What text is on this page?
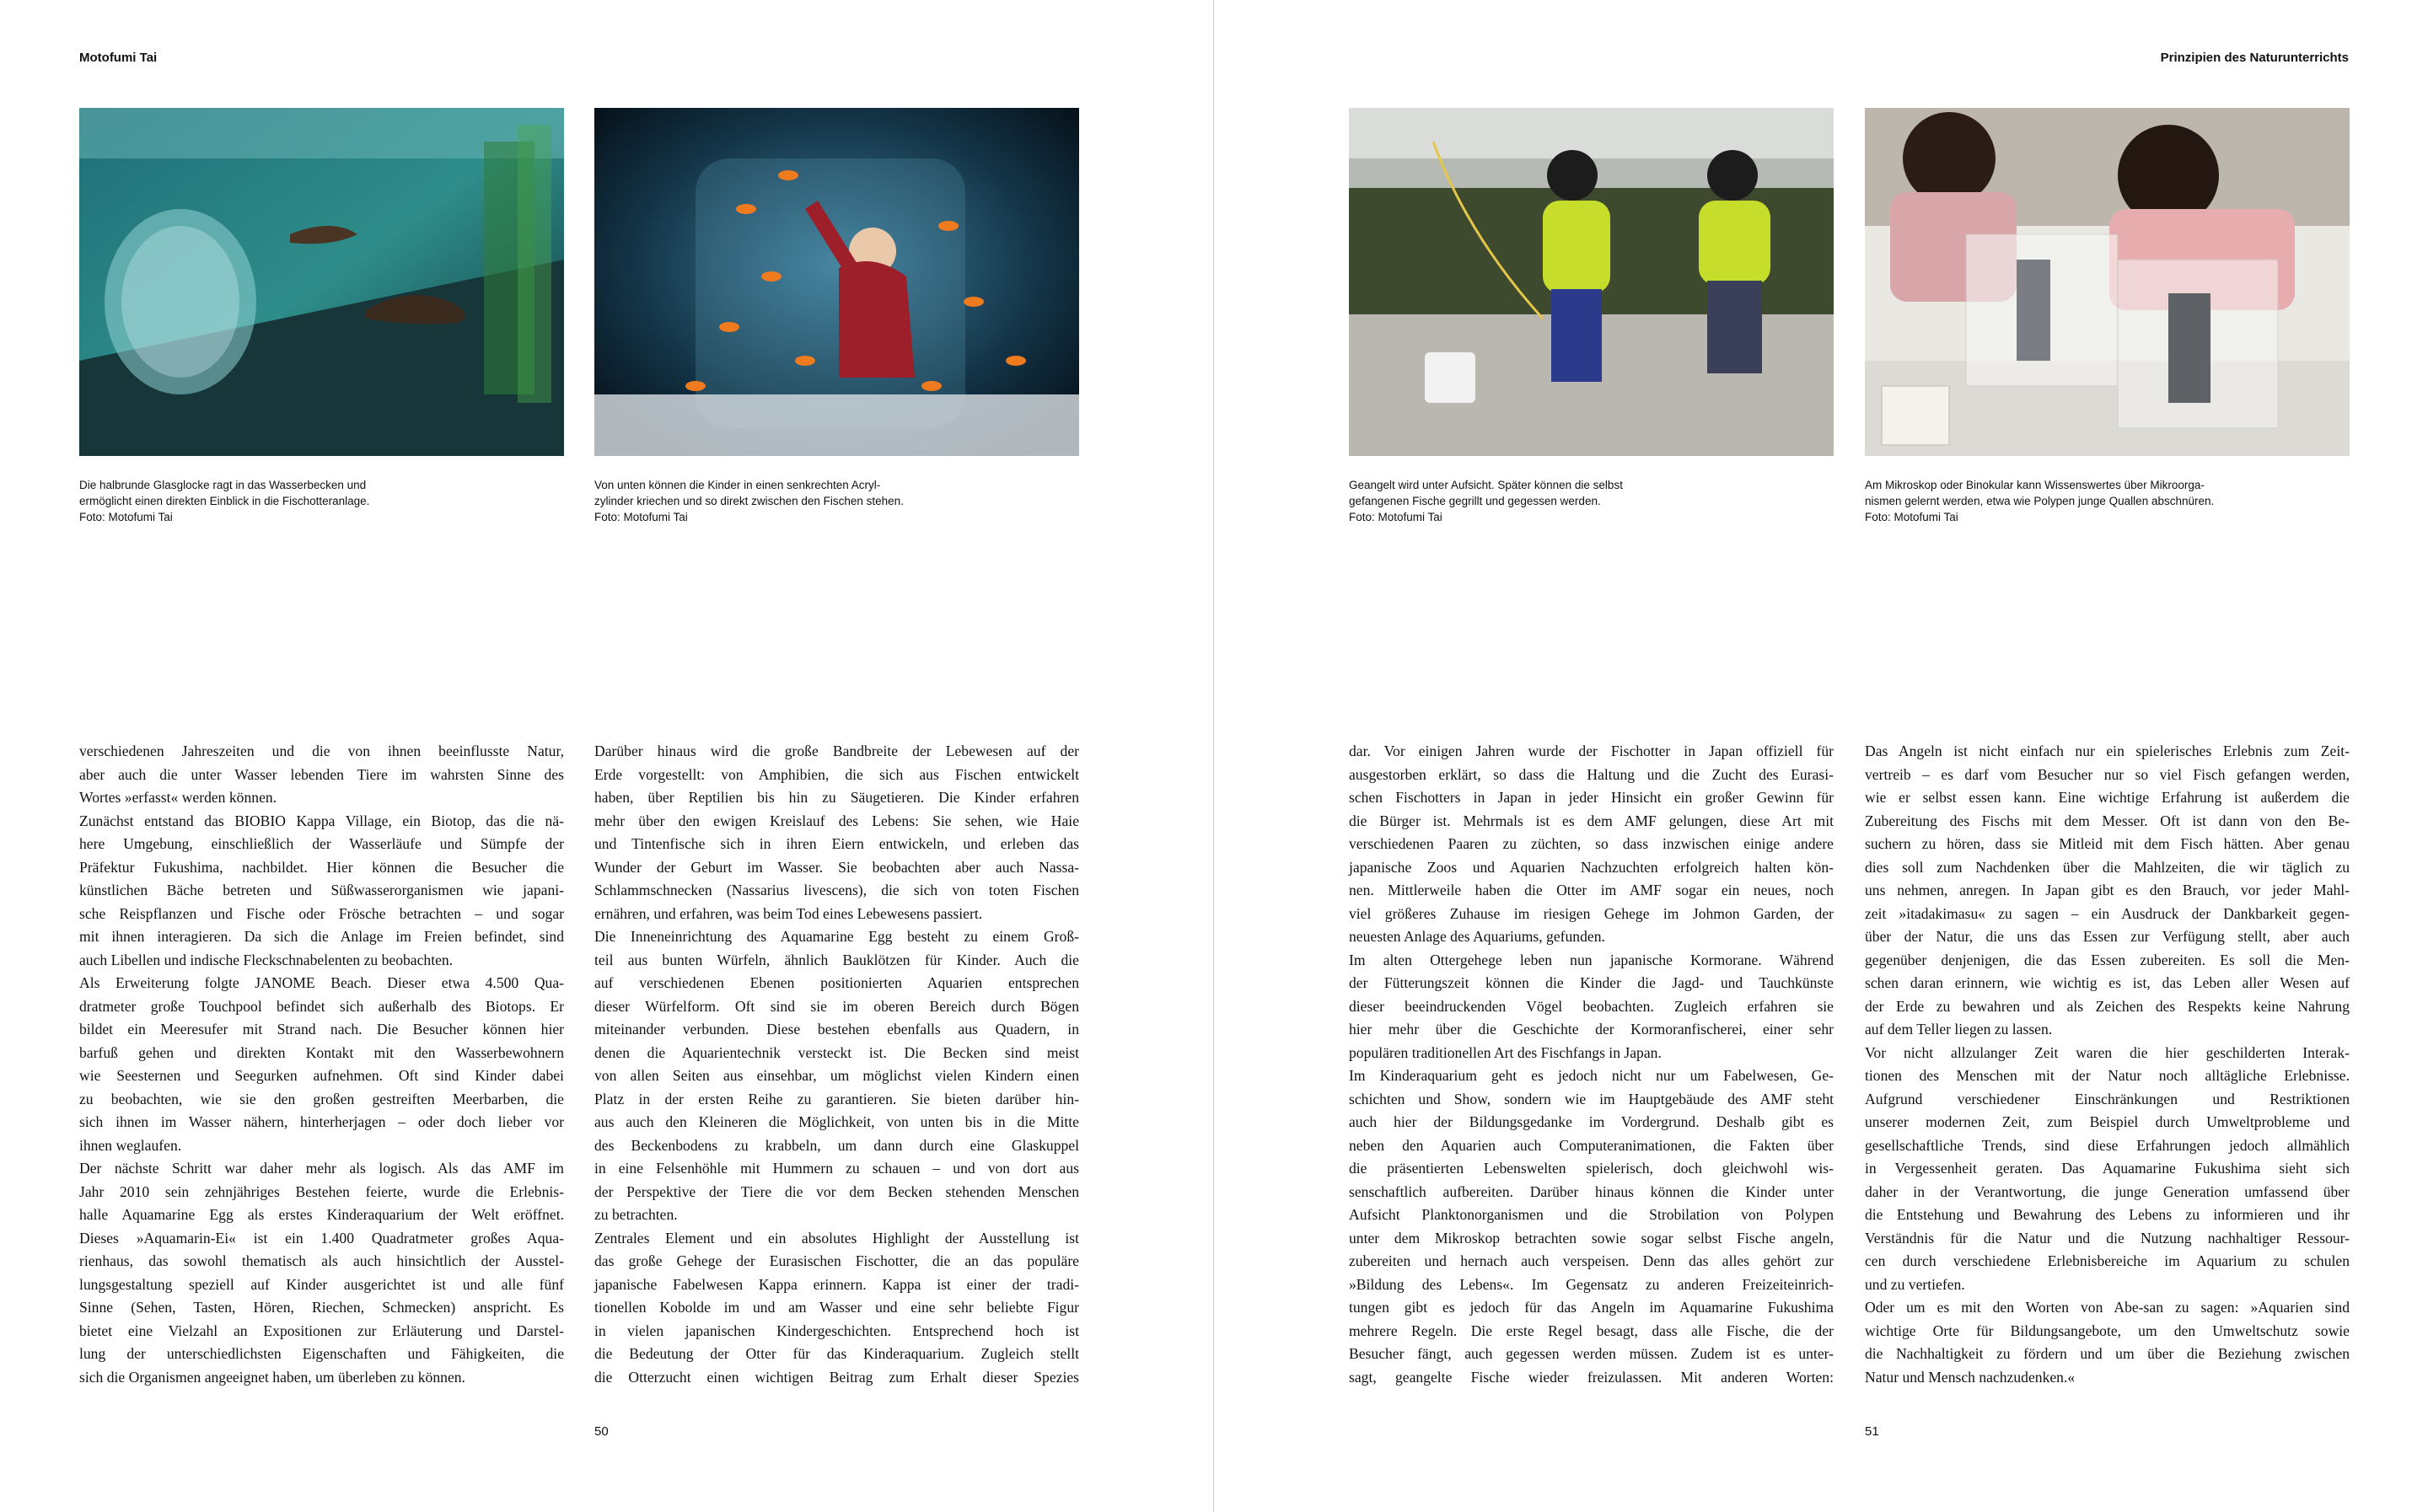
Motofumi Tai
Die halbrunde Glasglocke ragt in das Wasserbecken und
ermöglicht einen direkten Einblick in die Fischotteranlage.
Foto: Motofumi Tai
Von unten können die Kinder in einen senkrechten Acryl-
zylinder kriechen und so direkt zwischen den Fischen stehen.
Foto: Motofumi Tai

verschiedenen Jahreszeiten und die von ihnen beeinflusste Natur,

aber auch die unter Wasser lebenden Tiere im wahrsten Sinne des

Wortes »erfasst« werden können.

Zunächst entstand das BIOBIO Kappa Village, ein Biotop, das die nä-

here Umgebung, einschließlich der Wasserläufe und Sümpfe der

Präfektur Fukushima, nachbildet. Hier können die Besucher die

künstlichen Bäche betreten und Süßwasserorganismen wie japani-

sche Reispflanzen und Fische oder Frösche betrachten – und sogar

mit ihnen interagieren. Da sich die Anlage im Freien befindet, sind

auch Libellen und indische Fleckschnabelenten zu beobachten.

Als Erweiterung folgte JANOME Beach. Dieser etwa 4.500 Qua-

dratmeter große Touchpool befindet sich außerhalb des Biotops. Er

bildet ein Meeresufer mit Strand nach. Die Besucher können hier

barfuß gehen und direkten Kontakt mit den Wasserbewohnern

wie Seesternen und Seegurken aufnehmen. Oft sind Kinder dabei

zu beobachten, wie sie den großen gestreiften Meerbarben, die

sich ihnen im Wasser nähern, hinterherjagen – oder doch lieber vor

ihnen weglaufen.

Der nächste Schritt war daher mehr als logisch. Als das AMF im

Jahr 2010 sein zehnjähriges Bestehen feierte, wurde die Erlebnis-

halle Aquamarine Egg als erstes Kinderaquarium der Welt eröffnet.

Dieses »Aquamarin-Ei« ist ein 1.400 Quadratmeter großes Aqua-

rienhaus, das sowohl thematisch als auch hinsichtlich der Ausstel-

lungsgestaltung speziell auf Kinder ausgerichtet ist und alle fünf

Sinne (Sehen, Tasten, Hören, Riechen, Schmecken) anspricht. Es

bietet eine Vielzahl an Expositionen zur Erläuterung und Darstel-

lung der unterschiedlichsten Eigenschaften und Fähigkeiten, die

sich die Organismen angeeignet haben, um überleben zu können.

Darüber hinaus wird die große Bandbreite der Lebewesen auf der

Erde vorgestellt: von Amphibien, die sich aus Fischen entwickelt

haben, über Reptilien bis hin zu Säugetieren. Die Kinder erfahren

mehr über den ewigen Kreislauf des Lebens: Sie sehen, wie Haie

und Tintenfische sich in ihren Eiern entwickeln, und erleben das

Wunder der Geburt im Wasser. Sie beobachten aber auch Nassa-

Schlammschnecken (Nassarius livescens), die sich von toten Fischen

ernähren, und erfahren, was beim Tod eines Lebewesens passiert.

Die Inneneinrichtung des Aquamarine Egg besteht zu einem Groß-

teil aus bunten Würfeln, ähnlich Bauklötzen für Kinder. Auch die

auf verschiedenen Ebenen positionierten Aquarien entsprechen

dieser Würfelform. Oft sind sie im oberen Bereich durch Bögen

miteinander verbunden. Diese bestehen ebenfalls aus Quadern, in

denen die Aquarientechnik versteckt ist. Die Becken sind meist

von allen Seiten aus einsehbar, um möglichst vielen Kindern einen

Platz in der ersten Reihe zu garantieren. Sie bieten darüber hin-

aus auch den Kleineren die Möglichkeit, von unten bis in die Mitte

des Beckenbodens zu krabbeln, um dann durch eine Glaskuppel

in eine Felsenhöhle mit Hummern zu schauen – und von dort aus

der Perspektive der Tiere die vor dem Becken stehenden Menschen

zu betrachten.

Zentrales Element und ein absolutes Highlight der Ausstellung ist

das große Gehege der Eurasischen Fischotter, die an das populäre

japanische Fabelwesen Kappa erinnern. Kappa ist einer der tradi-

tionellen Kobolde im und am Wasser und eine sehr beliebte Figur

in vielen japanischen Kindergeschichten. Entsprechend hoch ist

die Bedeutung der Otter für das Kinderaquarium. Zugleich stellt

die Otterzucht einen wichtigen Beitrag zum Erhalt dieser Spezies

50
Prinzipien des Naturunterrichts
Geangelt wird unter Aufsicht. Später können die selbst
gefangenen Fische gegrillt und gegessen werden.
Foto: Motofumi Tai
Am Mikroskop oder Binokular kann Wissenswertes über Mikroorga-
nismen gelernt werden, etwa wie Polypen junge Quallen abschnüren.
Foto: Motofumi Tai

dar. Vor einigen Jahren wurde der Fischotter in Japan offiziell für

ausgestorben erklärt, so dass die Haltung und die Zucht des Eurasi-

schen Fischotters in Japan in jeder Hinsicht ein großer Gewinn für

die Bürger ist. Mehrmals ist es dem AMF gelungen, diese Art mit

verschiedenen Paaren zu züchten, so dass inzwischen einige andere

japanische Zoos und Aquarien Nachzuchten erfolgreich halten kön-

nen. Mittlerweile haben die Otter im AMF sogar ein neues, noch

viel größeres Zuhause im riesigen Gehege im Johmon Garden, der

neuesten Anlage des Aquariums, gefunden.

Im alten Ottergehege leben nun japanische Kormorane. Während

der Fütterungszeit können die Kinder die Jagd- und Tauchkünste

dieser beeindruckenden Vögel beobachten. Zugleich erfahren sie

hier mehr über die Geschichte der Kormoranfischerei, einer sehr

populären traditionellen Art des Fischfangs in Japan.

Im Kinderaquarium geht es jedoch nicht nur um Fabelwesen, Ge-

schichten und Show, sondern wie im Hauptgebäude des AMF steht

auch hier der Bildungsgedanke im Vordergrund. Deshalb gibt es

neben den Aquarien auch Computeranimationen, die Fakten über

die präsentierten Lebenswelten spielerisch, doch gleichwohl wis-

senschaftlich aufbereiten. Darüber hinaus können die Kinder unter

Aufsicht Planktonorganismen und die Strobilation von Polypen

unter dem Mikroskop betrachten sowie sogar selbst Fische angeln,

zubereiten und hernach auch verspeisen. Denn das alles gehört zur

»Bildung des Lebens«. Im Gegensatz zu anderen Freizeiteinrich-

tungen gibt es jedoch für das Angeln im Aquamarine Fukushima

mehrere Regeln. Die erste Regel besagt, dass alle Fische, die der

Besucher fängt, auch gegessen werden müssen. Zudem ist es unter-

sagt, geangelte Fische wieder freizulassen. Mit anderen Worten:

Das Angeln ist nicht einfach nur ein spielerisches Erlebnis zum Zeit-

vertreib – es darf vom Besucher nur so viel Fisch gefangen werden,

wie er selbst essen kann. Eine wichtige Erfahrung ist außerdem die

Zubereitung des Fischs mit dem Messer. Oft ist dann von den Be-

suchern zu hören, dass sie Mitleid mit dem Fisch hätten. Aber genau

dies soll zum Nachdenken über die Mahlzeiten, die wir täglich zu

uns nehmen, anregen. In Japan gibt es den Brauch, vor jeder Mahl-

zeit »itadakimasu« zu sagen – ein Ausdruck der Dankbarkeit gegen-

über der Natur, die uns das Essen zur Verfügung stellt, aber auch

gegenüber denjenigen, die das Essen zubereiten. Es soll die Men-

schen daran erinnern, wie wichtig es ist, das Leben aller Wesen auf

der Erde zu bewahren und als Zeichen des Respekts keine Nahrung

auf dem Teller liegen zu lassen.

Vor nicht allzulanger Zeit waren die hier geschilderten Interak-

tionen des Menschen mit der Natur noch alltägliche Erlebnisse.

Aufgrund verschiedener Einschränkungen und Restriktionen

unserer modernen Zeit, zum Beispiel durch Umweltprobleme und

gesellschaftliche Trends, sind diese Erfahrungen jedoch allmählich

in Vergessenheit geraten. Das Aquamarine Fukushima sieht sich

daher in der Verantwortung, die junge Generation umfassend über

die Entstehung und Bewahrung des Lebens zu informieren und ihr

Verständnis für die Natur und die Nutzung nachhaltiger Ressour-

cen durch verschiedene Erlebnisbereiche im Aquarium zu schulen

und zu vertiefen.

Oder um es mit den Worten von Abe-san zu sagen: »Aquarien sind

wichtige Orte für Bildungsangebote, um den Umweltschutz sowie

die Nachhaltigkeit zu fördern und um über die Beziehung zwischen

Natur und Mensch nachzudenken.«

51
